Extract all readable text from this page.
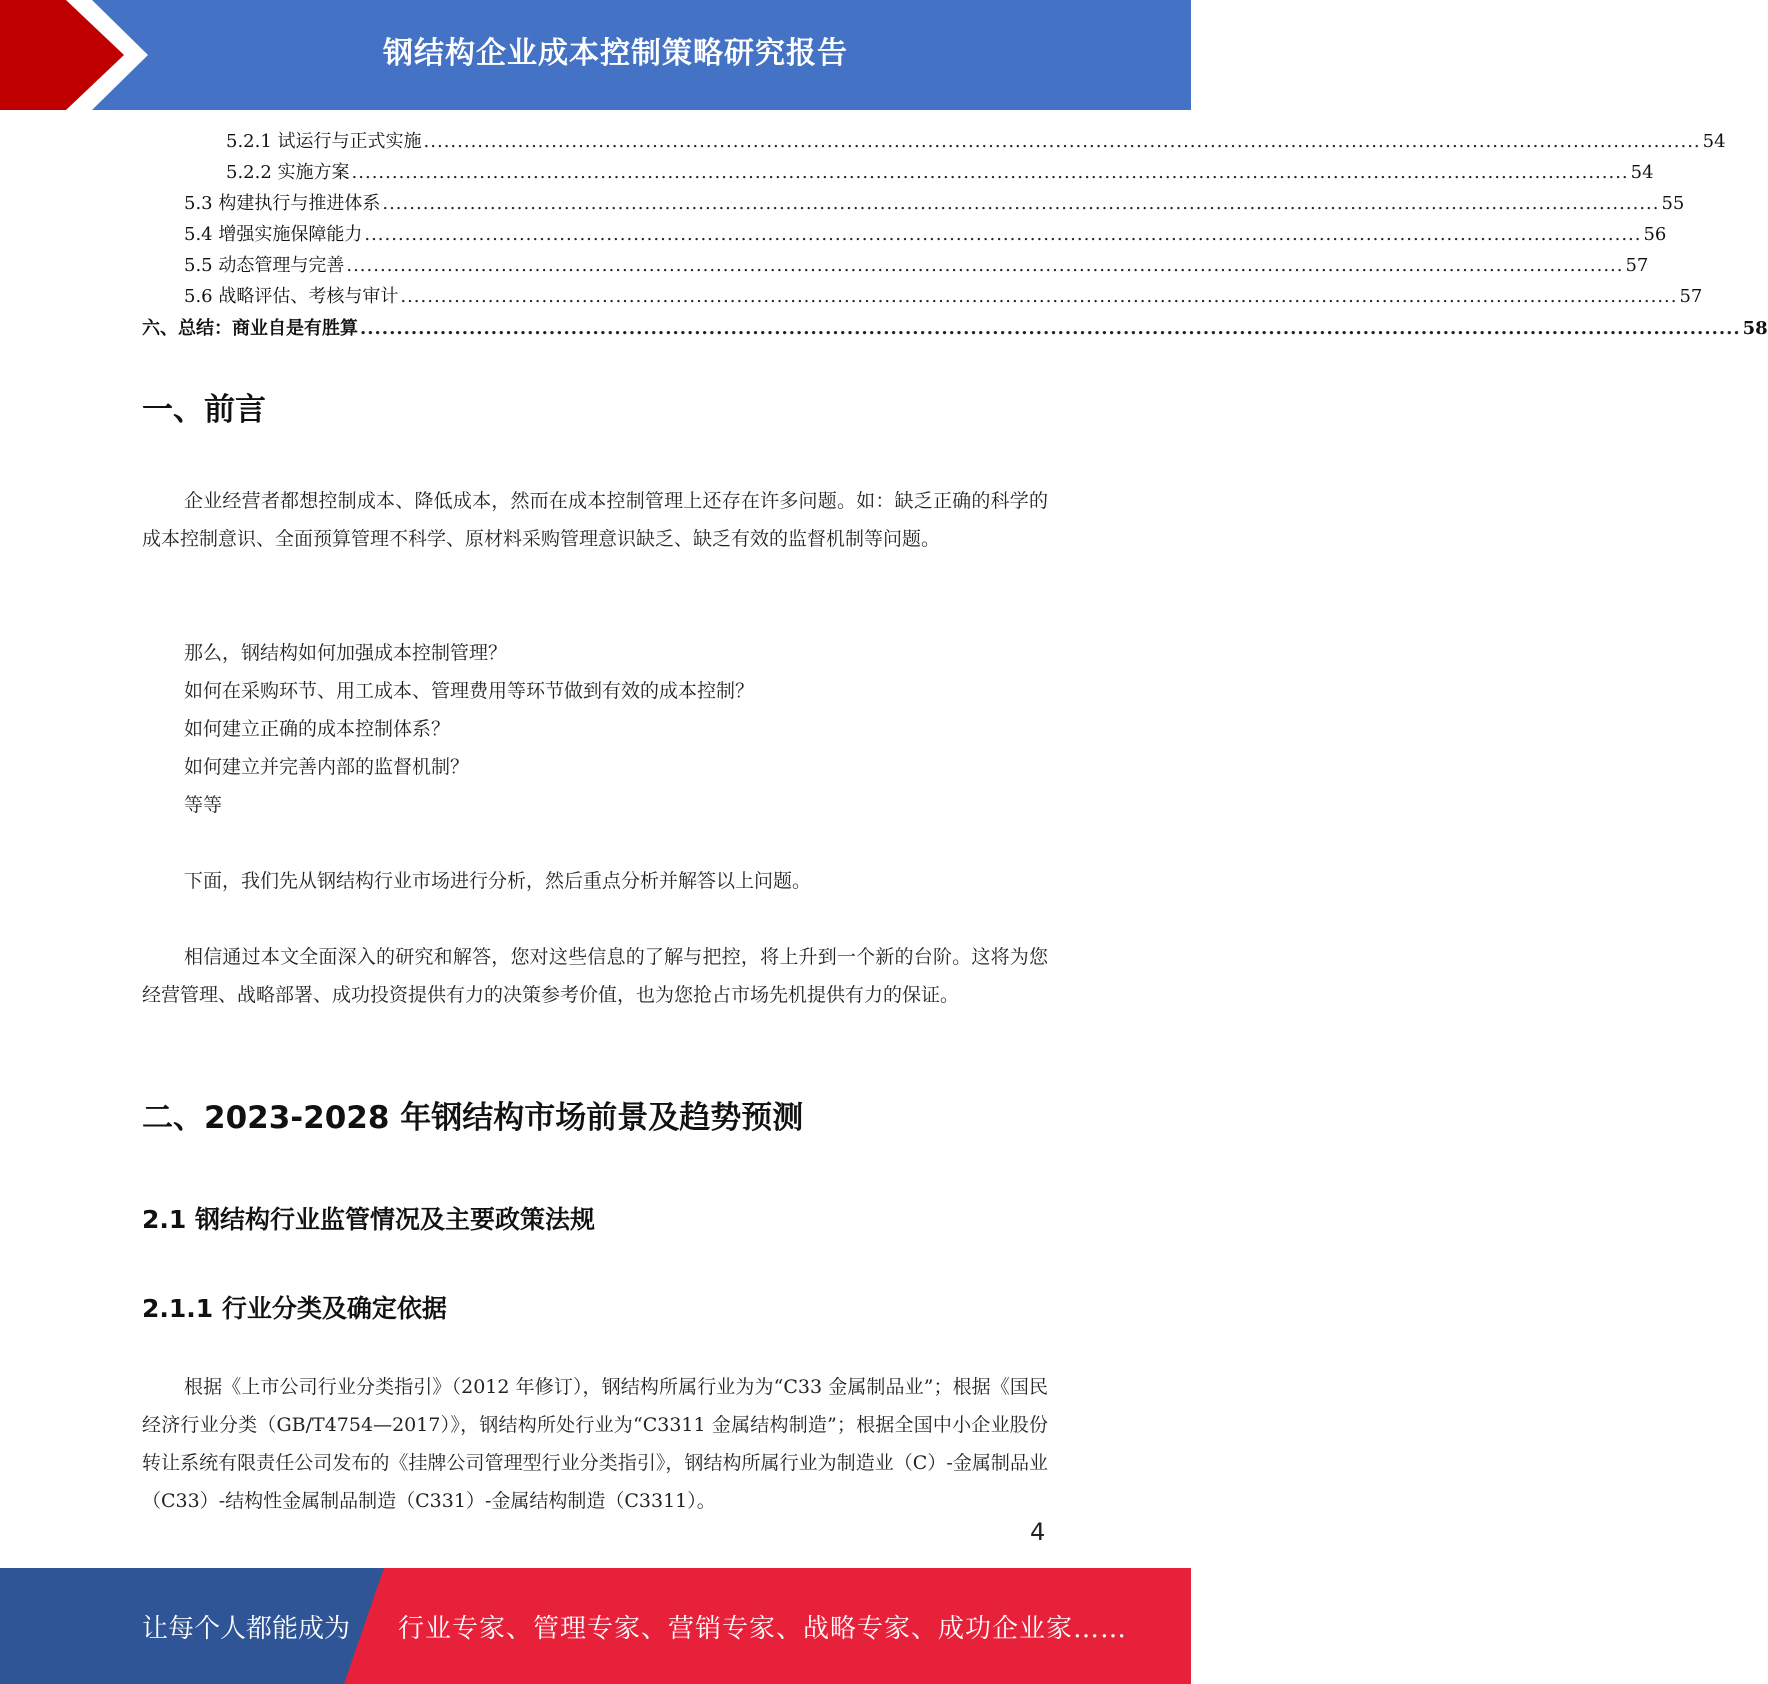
钢结构企业成本控制策略研究报告
5.2.1 试运行与正式实施 .............................................................................................................................................................................................. 54
5.2.2 实施方案 .............................................................................................................................................................................................. 54
5.3 构建执行与推进体系 .............................................................................................................................................................................................. 55
5.4 增强实施保障能力 .............................................................................................................................................................................................. 56
5.5 动态管理与完善 .............................................................................................................................................................................................. 57
5.6 战略评估、考核与审计 .............................................................................................................................................................................................. 57
六、总结：商业自是有胜算 .............................................................................................................................................................................................. 58
一、前言

企业经营者都想控制成本、降低成本，然而在成本控制管理上还存在许多问题。如：缺乏正确的科学的成本控制意识、全面预算管理不科学、原材料采购管理意识缺乏、缺乏有效的监督机制等问题。

那么，钢结构如何加强成本控制管理？
如何在采购环节、用工成本、管理费用等环节做到有效的成本控制？
如何建立正确的成本控制体系？
如何建立并完善内部的监督机制？
等等

下面，我们先从钢结构行业市场进行分析，然后重点分析并解答以上问题。

相信通过本文全面深入的研究和解答，您对这些信息的了解与把控，将上升到一个新的台阶。这将为您经营管理、战略部署、成功投资提供有力的决策参考价值，也为您抢占市场先机提供有力的保证。

二、2023-2028 年钢结构市场前景及趋势预测
2.1 钢结构行业监管情况及主要政策法规
2.1.1 行业分类及确定依据

根据《上市公司行业分类指引》（2012 年修订），钢结构所属行业为为“C33 金属制品业”；根据《国民经济行业分类（GB/T4754—2017）》，钢结构所处行业为“C3311 金属结构制造”；根据全国中小企业股份转让系统有限责任公司发布的《挂牌公司管理型行业分类指引》，钢结构所属行业为制造业（C）-金属制品业（C33）-结构性金属制品制造（C331）-金属结构制造（C3311）。

4
让每个人都能成为 行业专家、管理专家、营销专家、战略专家、成功企业家……
